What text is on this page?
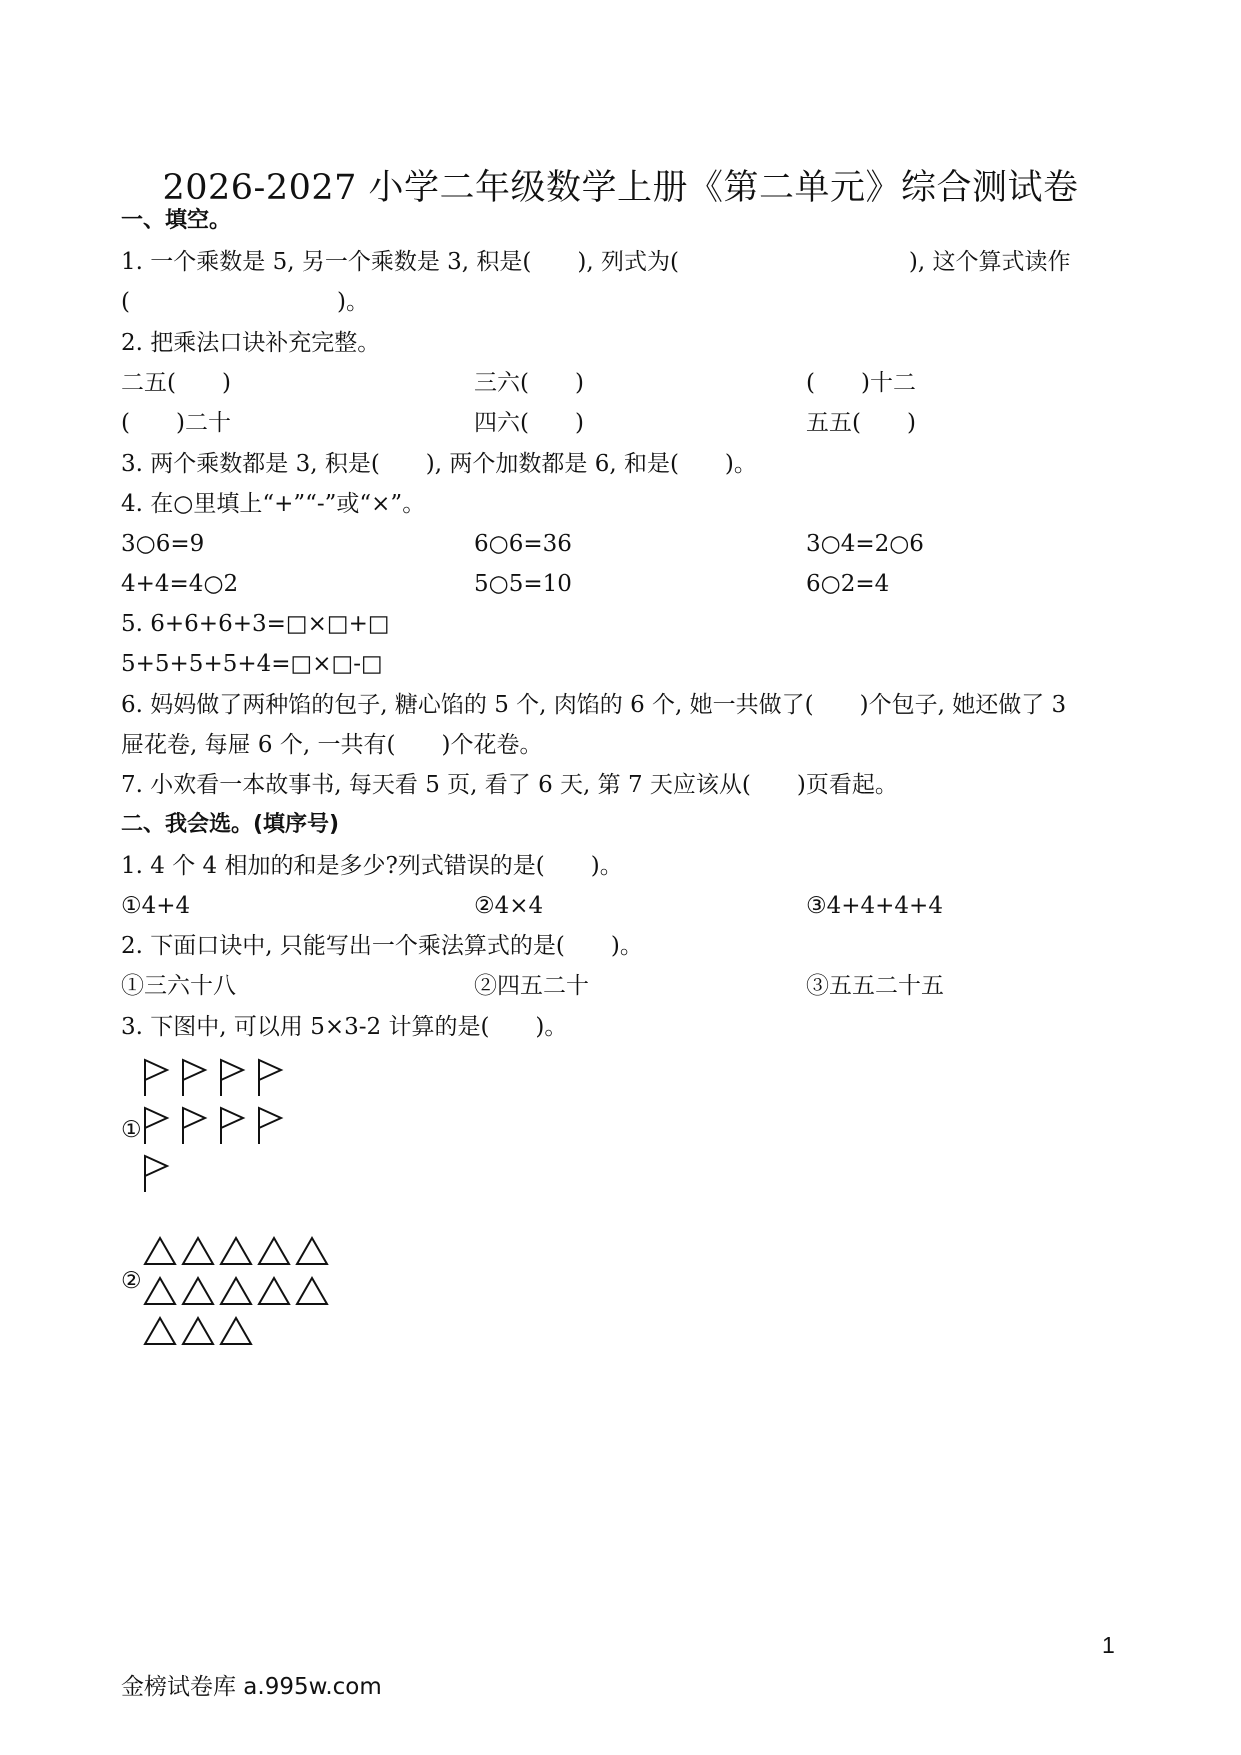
2026-2027 小学二年级数学上册《第二单元》综合测试卷
一、填空。
1. 一个乘数是 5, 另一个乘数是 3, 积是(　　), 列式为(　　　　　　　　　　), 这个算式读作
(　　　　　　　　　)。
2. 把乘法口诀补充完整。
二五(　　)	三六(　　)	(　　)十二
(　　)二十	四六(　　)	五五(　　)
3. 两个乘数都是 3, 积是(　　), 两个加数都是 6, 和是(　　)。
4. 在○里填上“+”“-”或“×”。
3○6=9	6○6=36	3○4=2○6
4+4=4○2	5○5=10	6○2=4
5. 6+6+6+3=□×□+□
5+5+5+5+4=□×□-□
6. 妈妈做了两种馅的包子, 糖心馅的 5 个, 肉馅的 6 个, 她一共做了(　　)个包子, 她还做了 3
屉花卷, 每屉 6 个, 一共有(　　)个花卷。
7. 小欢看一本故事书, 每天看 5 页, 看了 6 天, 第 7 天应该从(　　)页看起。
二、我会选。(填序号)
1. 4 个 4 相加的和是多少?列式错误的是(　　)。
①4+4	②4×4	③4+4+4+4
2. 下面口诀中, 只能写出一个乘法算式的是(　　)。
①三六十八	②四五二十	③五五二十五
3. 下图中, 可以用 5×3-2 计算的是(　　)。
①
②
1
金榜试卷库 a.995w.com
